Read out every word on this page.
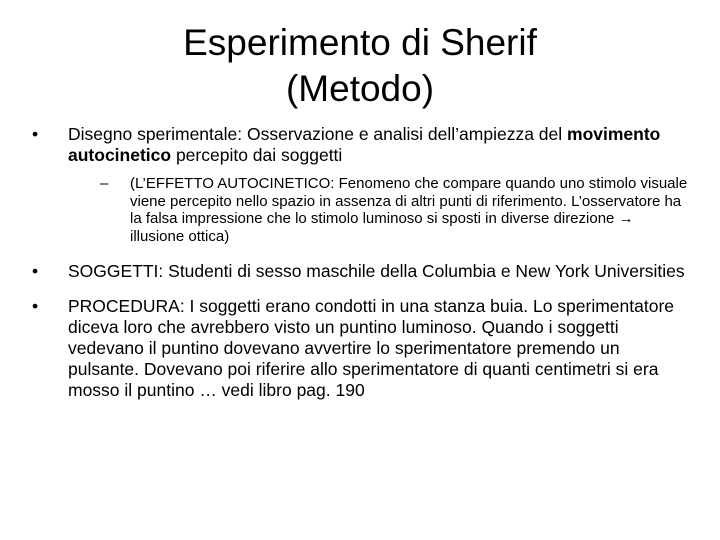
Esperimento di Sherif
(Metodo)

• Disegno sperimentale: Osservazione e analisi dell’ampiezza del movimento autocinetico percepito dai soggetti

– (L’EFFETTO AUTOCINETICO: Fenomeno che compare quando uno stimolo visuale viene percepito nello spazio in assenza di altri punti di riferimento. L’osservatore ha la falsa impressione che lo stimolo luminoso si sposti in diverse direzione → illusione ottica)

• SOGGETTI: Studenti di sesso maschile della Columbia e New York Universities

• PROCEDURA: I soggetti erano condotti in una stanza buia. Lo sperimentatore diceva loro che avrebbero visto un puntino luminoso. Quando i soggetti vedevano il puntino dovevano avvertire lo sperimentatore premendo un pulsante. Dovevano poi riferire allo sperimentatore di quanti centimetri si era mosso il puntino … vedi libro pag. 190
